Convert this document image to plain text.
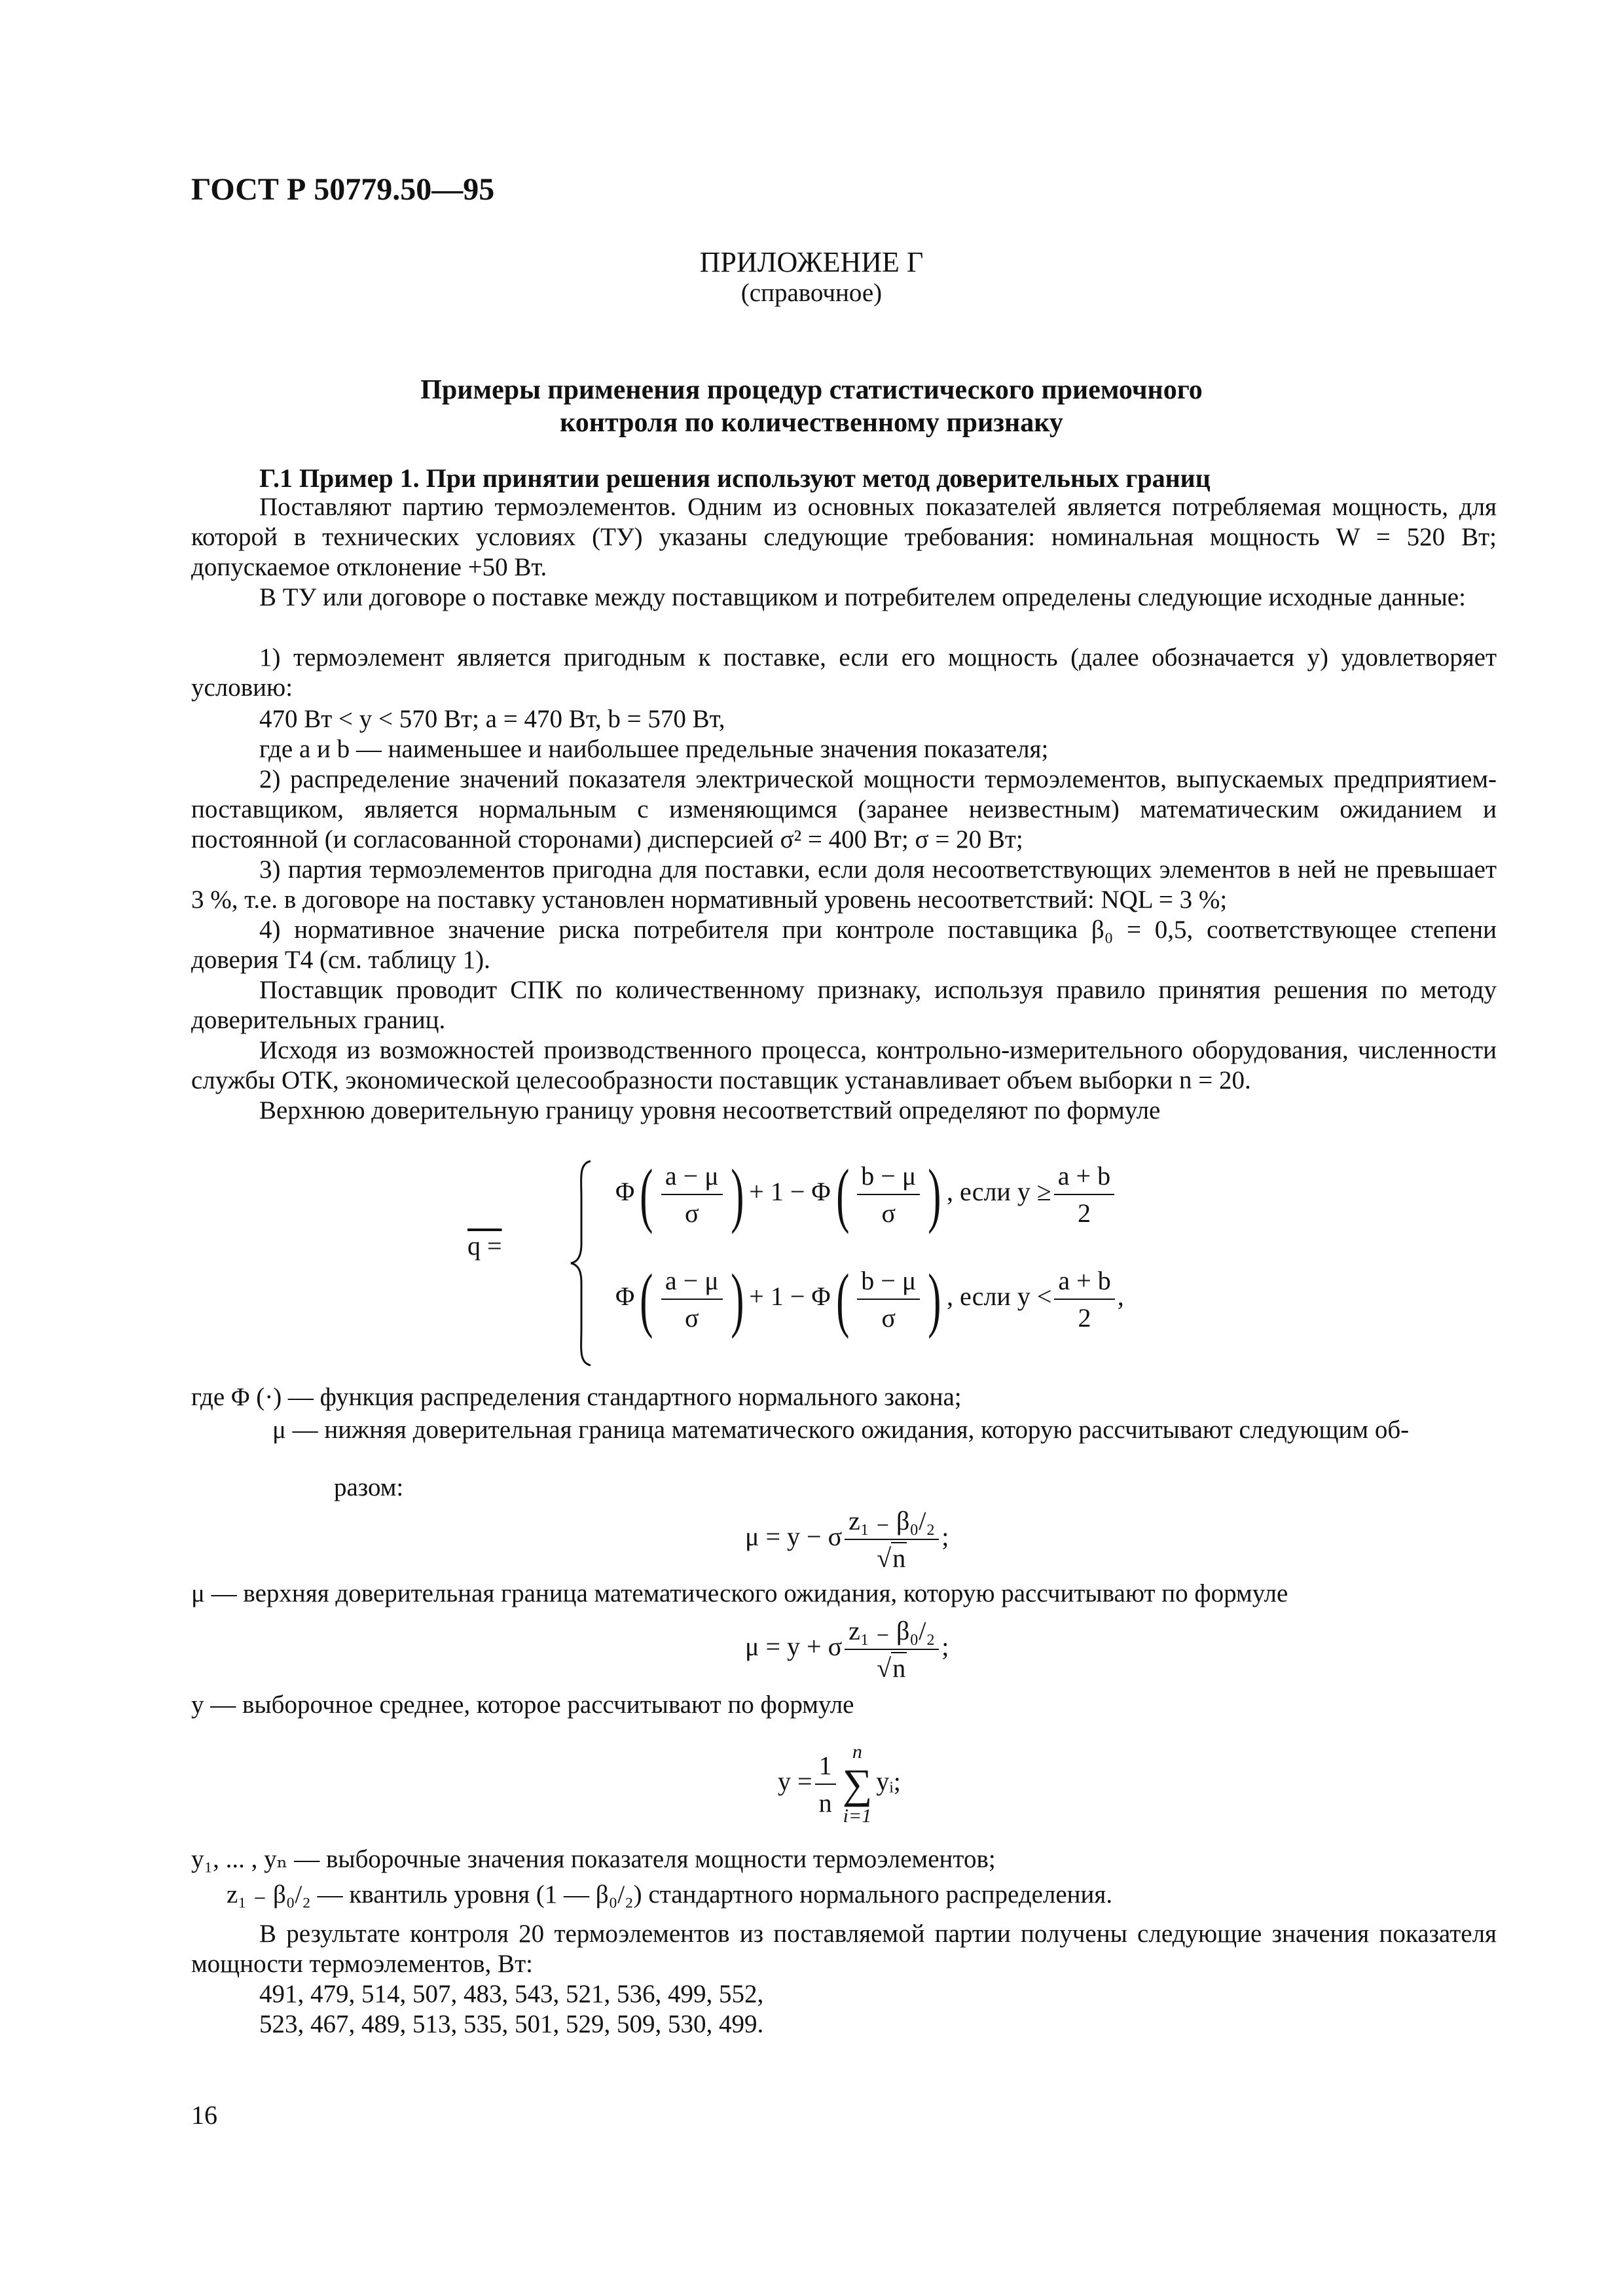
ГОСТ Р 50779.50—95
ПРИЛОЖЕНИЕ Г
(справочное)
Примеры применения процедур статистического приемочного
контроля по количественному признаку
Г.1 Пример 1. При принятии решения используют метод доверительных границ
Поставляют партию термоэлементов. Одним из основных показателей является потребляемая мощность, для которой в технических условиях (ТУ) указаны следующие требования: номинальная мощность W = 520 Вт; допускаемое отклонение +50 Вт.
В ТУ или договоре о поставке между поставщиком и потребителем определены следующие исходные данные:
1) термоэлемент является пригодным к поставке, если его мощность (далее обозначается y) удовлетворяет условию:
470 Вт < y < 570 Вт; a = 470 Вт, b = 570 Вт,
где a и b — наименьшее и наибольшее предельные значения показателя;
2) распределение значений показателя электрической мощности термоэлементов, выпускаемых предприятием-поставщиком, является нормальным с изменяющимся (заранее неизвестным) математическим ожиданием и постоянной (и согласованной сторонами) дисперсией σ² = 400 Вт; σ = 20 Вт;
3) партия термоэлементов пригодна для поставки, если доля несоответствующих элементов в ней не превышает 3 %, т.е. в договоре на поставку установлен нормативный уровень несоответствий: NQL = 3 %;
4) нормативное значение риска потребителя при контроле поставщика β₀ = 0,5, соответствующее степени доверия Т4 (см. таблицу 1).
Поставщик проводит СПК по количественному признаку, используя правило принятия решения по методу доверительных границ.
Исходя из возможностей производственного процесса, контрольно-измерительного оборудования, численности службы ОТК, экономической целесообразности поставщик устанавливает объем выборки n = 20.
Верхнюю доверительную границу уровня несоответствий определяют по формуле
q =
$\Phi( \frac{a - \mu}{\sigma}$ ) + $1 - \Phi( \frac{b - \mu}{\sigma}$ ) , если $y \ge \frac{a + b}{2}$
$\Phi( \frac{a - \mu}{\sigma}$ ) + $1 - \Phi( \frac{b - \mu}{\sigma}$ ) , если $y < \frac{a + b}{2}$ ,
где Φ (·) — функция распределения стандартного нормального закона;
μ — нижняя доверительная граница математического ожидания, которую рассчитывают следующим об-
разом:
μ = y − σ $\frac{\text{z₁ ₋ β₀/₂}}{√n}$ ;
μ — верхняя доверительная граница математического ожидания, которую рассчитывают по формуле
μ = y + σ $\frac{\text{z₁ ₋ β₀/₂}}{√n}$ ;
y — выборочное среднее, которое рассчитывают по формуле
$y = \frac{1}{n}$ n
∑
i=1
yᵢ;
y₁, ... , yₙ — выборочные значения показателя мощности термоэлементов;
z₁ ₋ β₀/₂ — квантиль уровня (1 — β₀/₂) стандартного нормального распределения.
В результате контроля 20 термоэлементов из поставляемой партии получены следующие значения показателя мощности термоэлементов, Вт:
491, 479, 514, 507, 483, 543, 521, 536, 499, 552,
523, 467, 489, 513, 535, 501, 529, 509, 530, 499.
16
